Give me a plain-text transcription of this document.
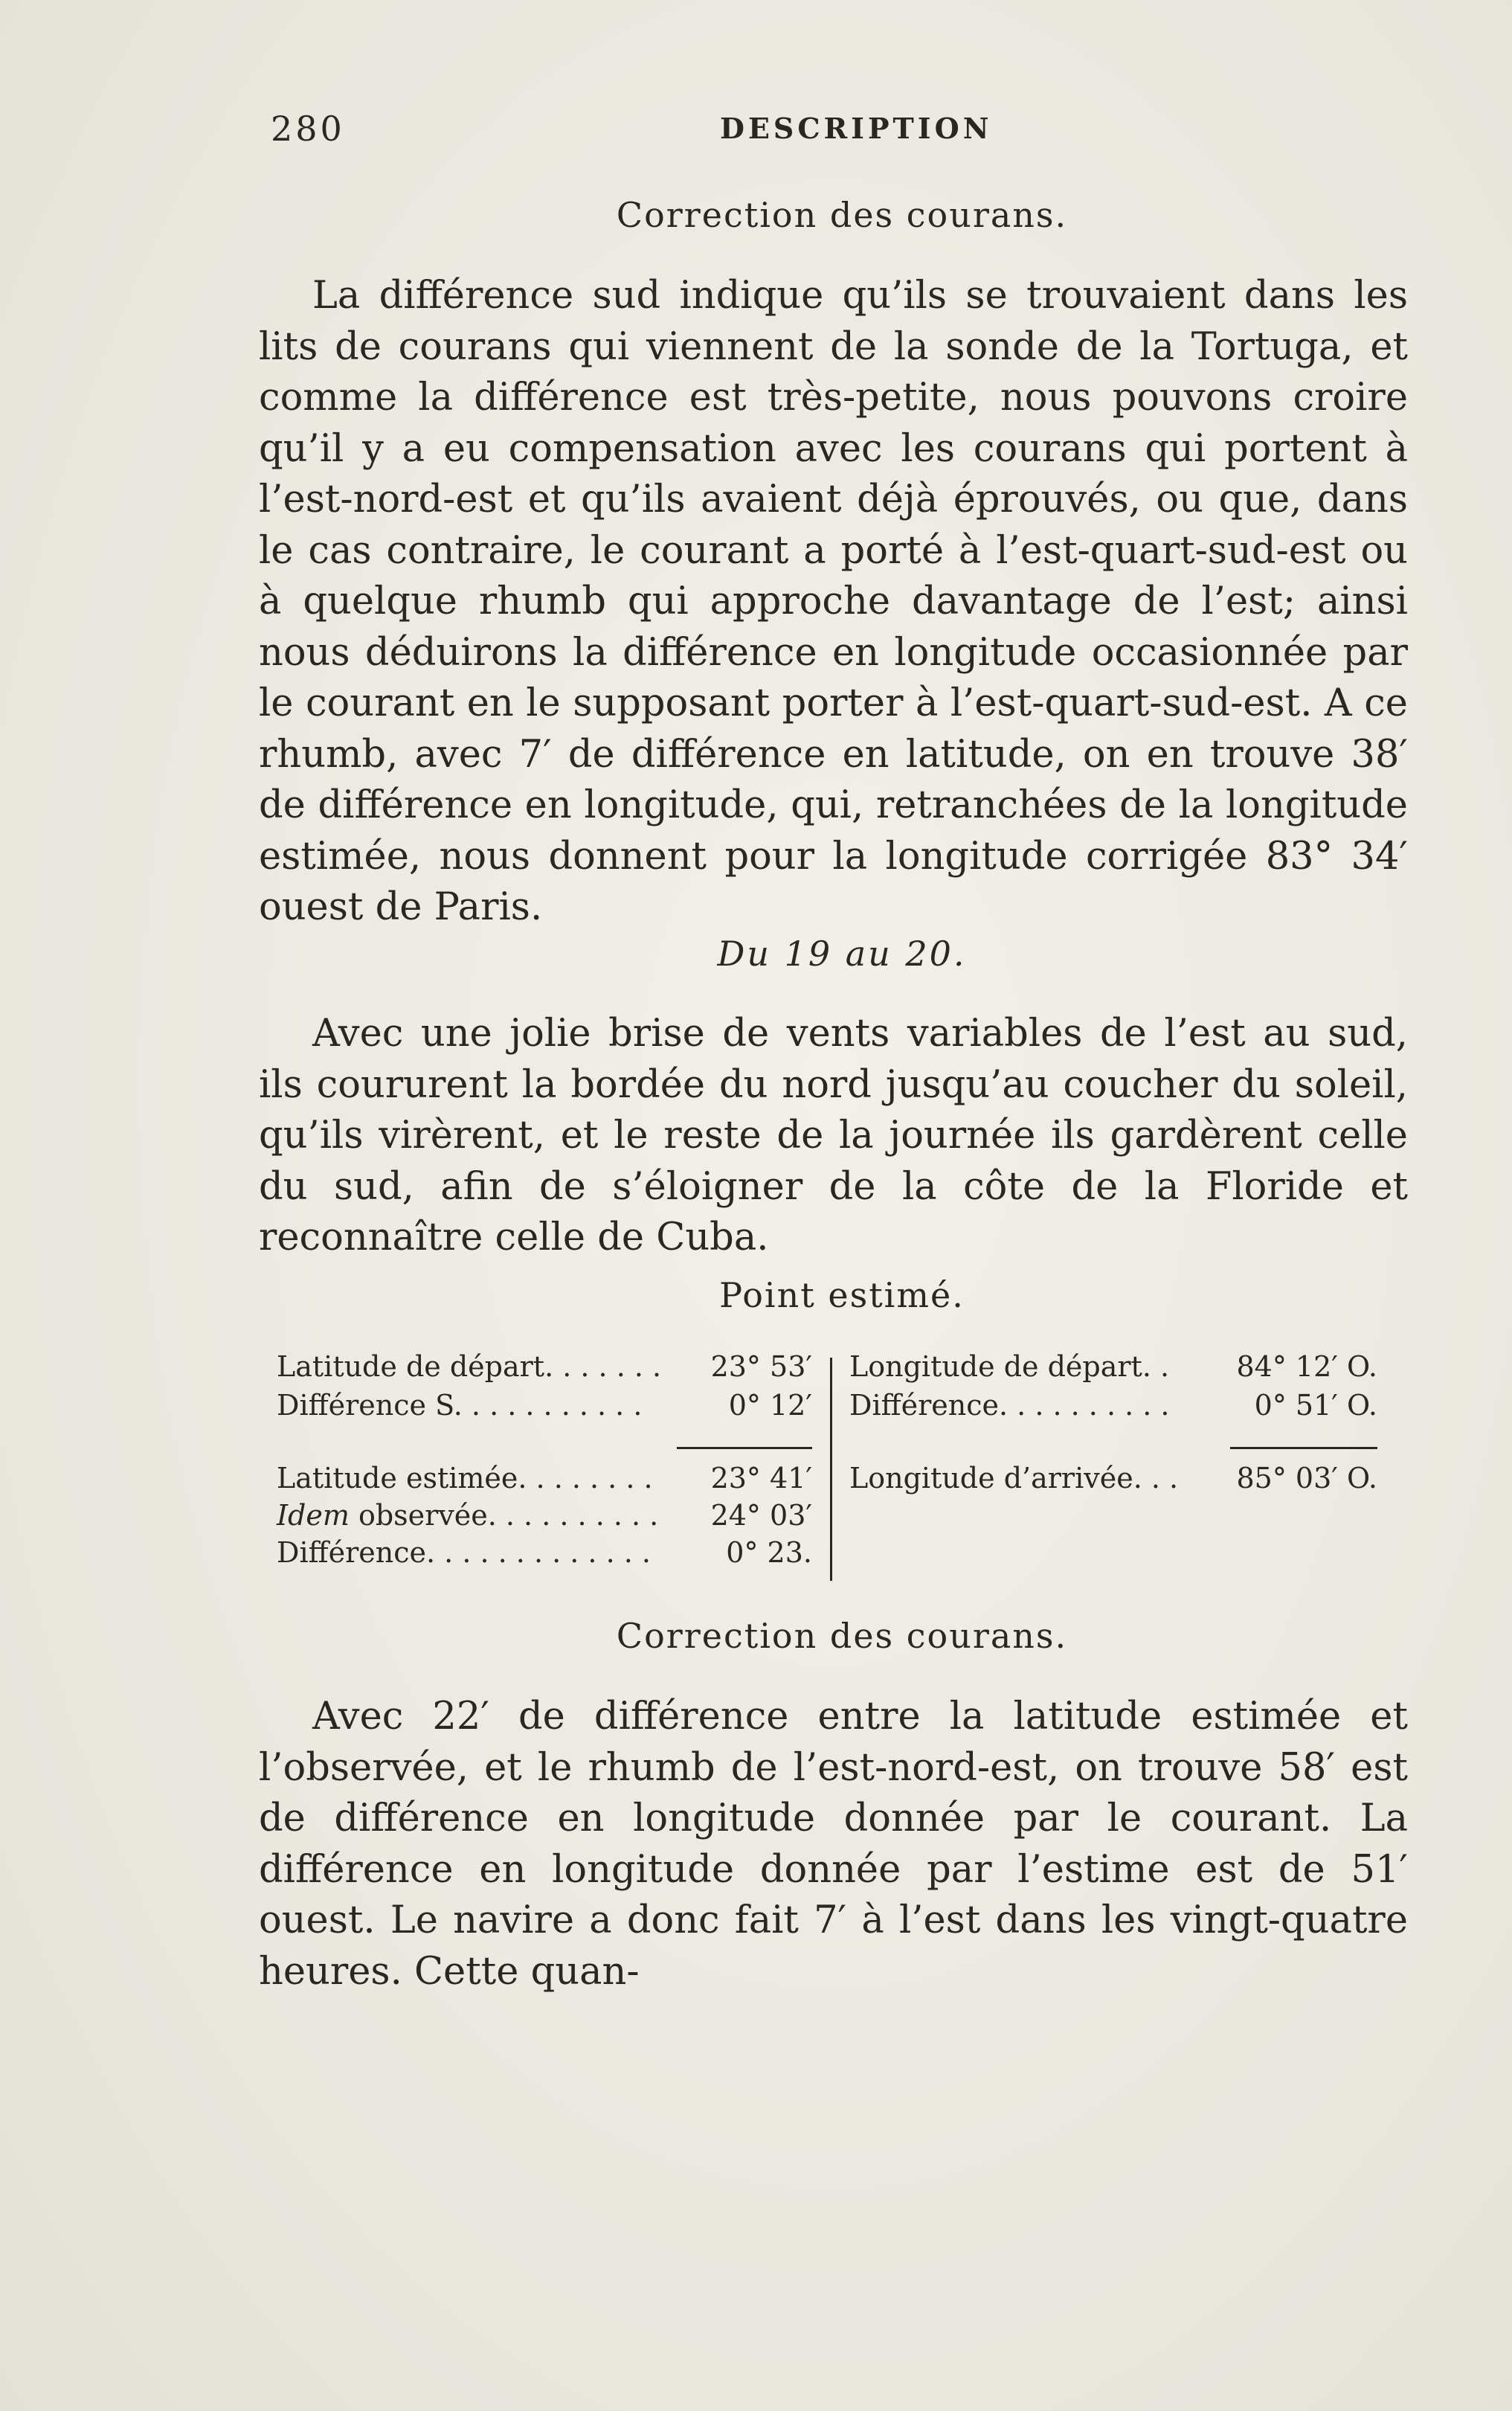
280	DESCRIPTION
Correction des courans.

La différence sud indique qu’ils se trouvaient dans les lits de courans qui viennent de la sonde de la Tortuga, et comme la différence est très-petite, nous pouvons croire qu’il y a eu compensation avec les courans qui portent à l’est-nord-est et qu’ils avaient déjà éprouvés, ou que, dans le cas contraire, le courant a porté à l’est-quart-sud-est ou à quelque rhumb qui approche davantage de l’est; ainsi nous déduirons la différence en longitude occasionnée par le courant en le supposant porter à l’est-quart-sud-est. A ce rhumb, avec 7′ de différence en latitude, on en trouve 38′ de différence en longitude, qui, retranchées de la longitude estimée, nous donnent pour la longitude corrigée 83° 34′ ouest de Paris.

Du 19 au 20.

Avec une jolie brise de vents variables de l’est au sud, ils coururent la bordée du nord jusqu’au coucher du soleil, qu’ils virèrent, et le reste de la journée ils gardèrent celle du sud, afin de s’éloigner de la côte de la Floride et reconnaître celle de Cuba.

Point estimé.
Latitude de départ. . . . . . . 23° 53′
Différence S. . . . . . . . . . .	0° 12′
Latitude estimée. . . . . . . . 23° 41′
Idem observée. . . . . . . . . . 24° 03′
Différence. . . . . . . . . . . . .	0° 23.
Longitude de départ. . 84° 12′ O.
Différence. . . . . . . . . .	0° 51′ O.
Longitude d’arrivée. . . 85° 03′ O.
Correction des courans.

Avec 22′ de différence entre la latitude estimée et l’observée, et le rhumb de l’est-nord-est, on trouve 58′ est de différence en longitude donnée par le courant. La différence en longitude donnée par l’estime est de 51′ ouest. Le navire a donc fait 7′ à l’est dans les vingt-quatre heures. Cette quan-
